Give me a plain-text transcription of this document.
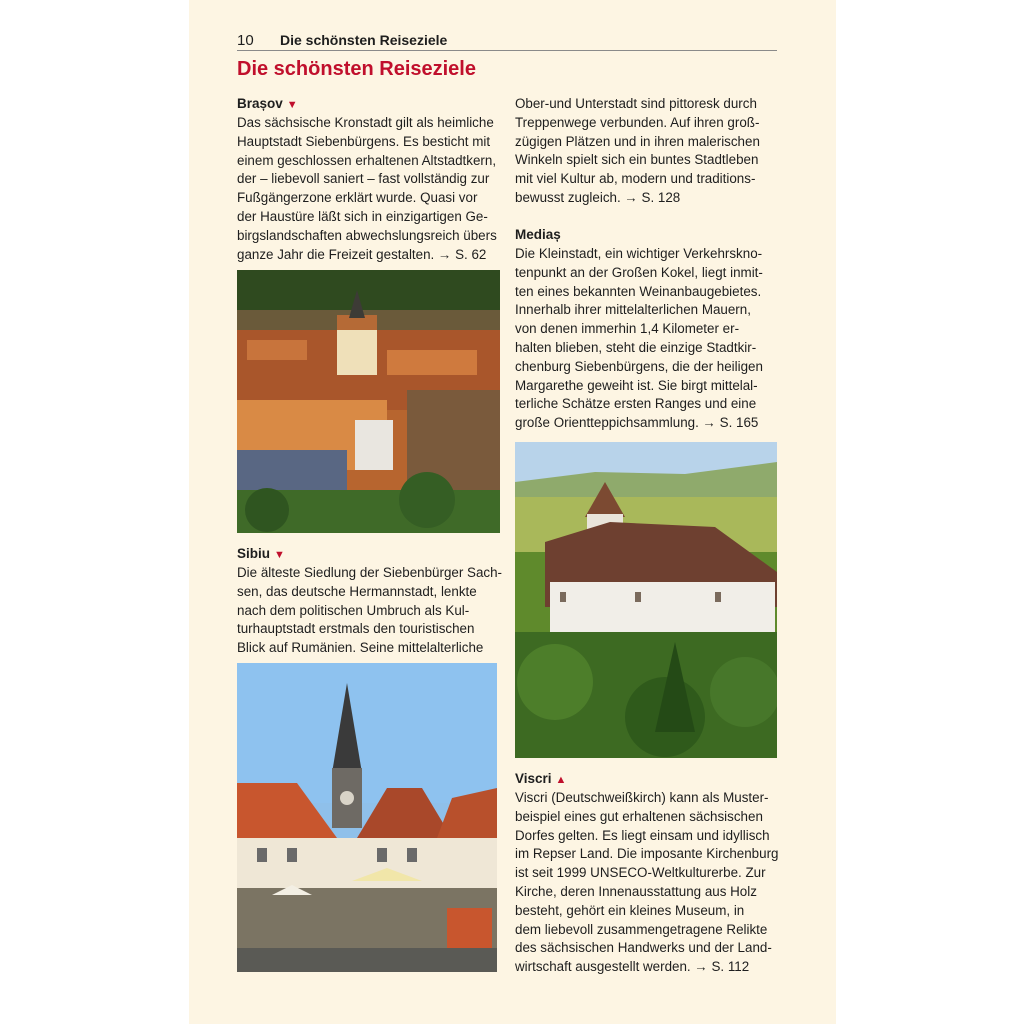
10 Die schönsten Reiseziele
Die schönsten Reiseziele
Brașov ▼
Das sächsische Kronstadt gilt als heimliche
Hauptstadt Siebenbürgens. Es besticht mit
einem geschlossen erhaltenen Altstadtkern,
der – liebevoll saniert – fast vollständig zur
Fußgängerzone erklärt wurde. Quasi vor
der Haustüre läßt sich in einzigartigen Ge-
birgslandschaften abwechslungsreich übers
ganze Jahr die Freizeit gestalten. → S. 62
Sibiu ▼
Die älteste Siedlung der Siebenbürger Sach-
sen, das deutsche Hermannstadt, lenkte
nach dem politischen Umbruch als Kul-
turhauptstadt erstmals den touristischen
Blick auf Rumänien. Seine mittelalterliche
Ober-und Unterstadt sind pittoresk durch
Treppenwege verbunden. Auf ihren groß-
zügigen Plätzen und in ihren malerischen
Winkeln spielt sich ein buntes Stadtleben
mit viel Kultur ab, modern und traditions-
bewusst zugleich. → S. 128
Mediaș
Die Kleinstadt, ein wichtiger Verkehrskno-
tenpunkt an der Großen Kokel, liegt inmit-
ten eines bekannten Weinanbaugebietes.
Innerhalb ihrer mittelalterlichen Mauern,
von denen immerhin 1,4 Kilometer er-
halten blieben, steht die einzige Stadtkir-
chenburg Siebenbürgens, die der heiligen
Margarethe geweiht ist. Sie birgt mittelal-
terliche Schätze ersten Ranges und eine
große Orientteppichsammlung. → S. 165
Viscri ▲
Viscri (Deutschweißkirch) kann als Muster-
beispiel eines gut erhaltenen sächsischen
Dorfes gelten. Es liegt einsam und idyllisch
im Repser Land. Die imposante Kirchenburg
ist seit 1999 UNSECO-Weltkulturerbe. Zur
Kirche, deren Innenausstattung aus Holz
besteht, gehört ein kleines Museum, in
dem liebevoll zusammengetragene Relikte
des sächsischen Handwerks und der Land-
wirtschaft ausgestellt werden. → S. 112
